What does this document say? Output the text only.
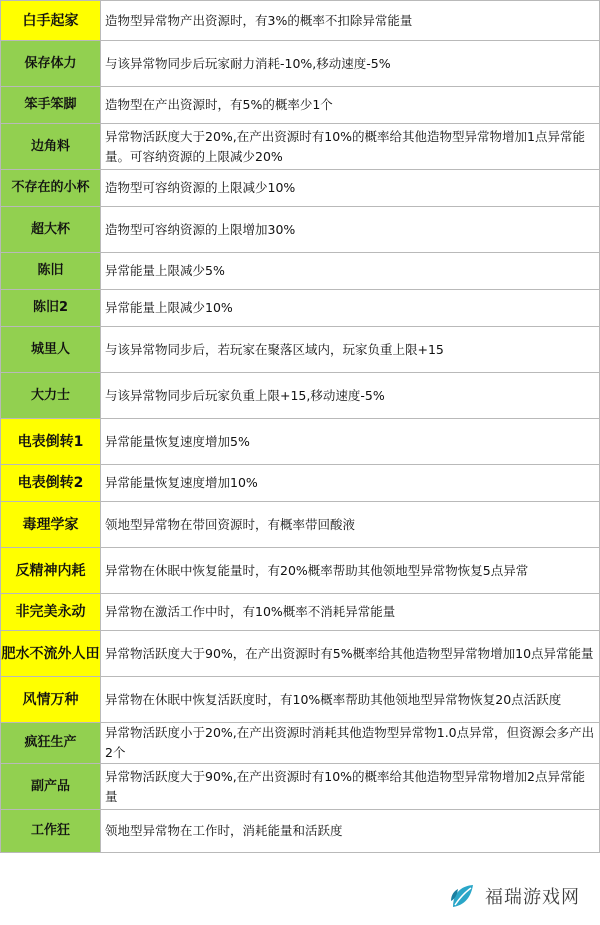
白手起家	造物型异常物产出资源时，有3%的概率不扣除异常能量
保存体力	与该异常物同步后玩家耐力消耗-10%,移动速度-5%
笨手笨脚	造物型在产出资源时，有5%的概率少1个
边角料	异常物活跃度大于20%,在产出资源时有10%的概率给其他造物型异常物增加1点异常能量。可容纳资源的上限减少20%
不存在的小杯	造物型可容纳资源的上限减少10%
超大杯	造物型可容纳资源的上限增加30%
陈旧	异常能量上限减少5%
陈旧2	异常能量上限减少10%
城里人	与该异常物同步后，若玩家在聚落区域内，玩家负重上限+15
大力士	与该异常物同步后玩家负重上限+15,移动速度-5%
电表倒转1	异常能量恢复速度增加5%
电表倒转2	异常能量恢复速度增加10%
毒理学家	领地型异常物在带回资源时，有概率带回酸液
反精神内耗	异常物在休眠中恢复能量时，有20%概率帮助其他领地型异常物恢复5点异常
非完美永动	异常物在激活工作中时，有10%概率不消耗异常能量
肥水不流外人田	异常物活跃度大于90%，在产出资源时有5%概率给其他造物型异常物增加10点异常能量
风情万种	异常物在休眠中恢复活跃度时，有10%概率帮助其他领地型异常物恢复20点活跃度
疯狂生产	异常物活跃度小于20%,在产出资源时消耗其他造物型异常物1.0点异常，但资源会多产出2个
副产品	异常物活跃度大于90%,在产出资源时有10%的概率给其他造物型异常物增加2点异常能量
工作狂	领地型异常物在工作时，消耗能量和活跃度
福瑞游戏网
